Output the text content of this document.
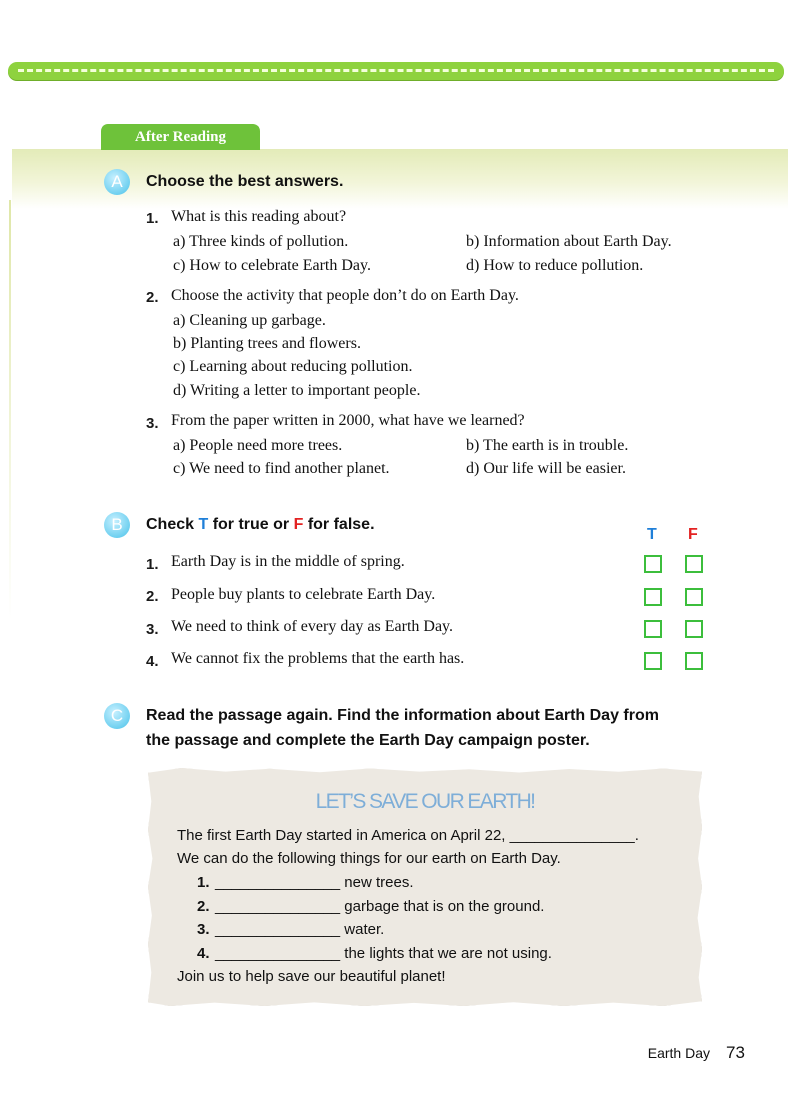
After Reading
A	Choose the best answers.
1. What is this reading about?
a) Three kinds of pollution.	b) Information about Earth Day.
c) How to celebrate Earth Day.	d) How to reduce pollution.
2. Choose the activity that people don’t do on Earth Day.
a) Cleaning up garbage.
b) Planting trees and flowers.
c) Learning about reducing pollution.
d) Writing a letter to important people.
3. From the paper written in 2000, what have we learned?
a) People need more trees.	b) The earth is in trouble.
c) We need to find another planet.	d) Our life will be easier.
B	Check T for true or F for false.
T F
1. Earth Day is in the middle of spring.
2. People buy plants to celebrate Earth Day.
3. We need to think of every day as Earth Day.
4. We cannot fix the problems that the earth has.
C	Read the passage again. Find the information about Earth Day from
the passage and complete the Earth Day campaign poster.
LET’S SAVE OUR EARTH!
The first Earth Day started in America on April 22, _______________.
We can do the following things for our earth on Earth Day.
1. _______________ new trees.
2. _______________ garbage that is on the ground.
3. _______________ water.
4. _______________ the lights that we are not using.
Join us to help save our beautiful planet!
Earth Day 73
